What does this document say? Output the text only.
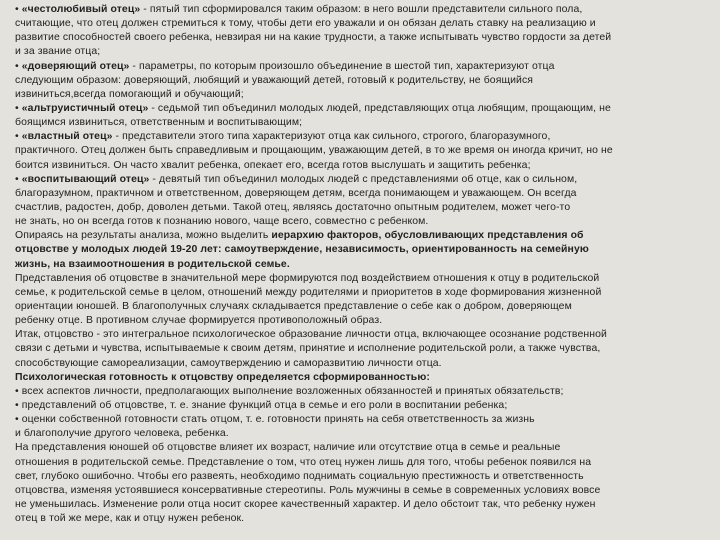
• «честолюбивый отец» - пятый тип сформировался таким образом: в него вошли представители сильного пола,
считающие, что отец должен стремиться к тому, чтобы дети его уважали и он обязан делать ставку на реализацию и
развитие способностей своего ребенка, невзирая ни на какие трудности, а также испытывать чувство гордости за детей
и за звание отца;
• «доверяющий отец» - параметры, по которым произошло объединение в шестой тип, характеризуют отца
следующим образом: доверяющий, любящий и уважающий детей, готовый к родительству, не боящийся
извиниться,всегда помогающий и обучающий;
• «альтруистичный отец» - седьмой тип объединил молодых людей, представляющих отца любящим, прощающим, не
боящимся извиниться, ответственным и воспитывающим;
• «властный отец» - представители этого типа характеризуют отца как сильного, строгого, благоразумного,
практичного. Отец должен быть справедливым и прощающим, уважающим детей, в то же время он иногда кричит, но не
боится извиниться. Он часто хвалит ребенка, опекает его, всегда готов выслушать и защитить ребенка;
• «воспитывающий отец» - девятый тип объединил молодых людей с представлениями об отце, как о сильном,
благоразумном, практичном и ответственном, доверяющем детям, всегда понимающем и уважающем. Он всегда
счастлив, радостен, добр, доволен детьми. Такой отец, являясь достаточно опытным родителем, может чего-то
не знать, но он всегда готов к познанию нового, чаще всего, совместно с ребенком.
Опираясь на результаты анализа, можно выделить иерархию факторов, обусловливающих представления об
отцовстве у молодых людей 19-20 лет: самоутверждение, независимость, ориентированность на семейную
жизнь, на взаимоотношения в родительской семье.
Представления об отцовстве в значительной мере формируются под воздействием отношения к отцу в родительской
семье, к родительской семье в целом, отношений между родителями и приоритетов в ходе формирования жизненной
ориентации юношей. В благополучных случаях складывается представление о себе как о добром, доверяющем
ребенку отце. В противном случае формируется противоположный образ.
Итак, отцовство - это интегральное психологическое образование личности отца, включающее осознание родственной
связи с детьми и чувства, испытываемые к своим детям, принятие и исполнение родительской роли, а также чувства,
способствующие самореализации, самоутверждению и саморазвитию личности отца.
Психологическая готовность к отцовству определяется сформированностью:
• всех аспектов личности, предполагающих выполнение возложенных обязанностей и принятых обязательств;
• представлений об отцовстве, т. е. знание функций отца в семье и его роли в воспитании ребенка;
• оценки собственной готовности стать отцом, т. е. готовности принять на себя ответственность за жизнь
и благополучие другого человека, ребенка.
На представления юношей об отцовстве влияет их возраст, наличие или отсутствие отца в семье и реальные
отношения в родительской семье. Представление о том, что отец нужен лишь для того, чтобы ребенок появился на
свет, глубоко ошибочно. Чтобы его развеять, необходимо поднимать социальную престижность и ответственность
отцовства, изменяя устоявшиеся консервативные стереотипы. Роль мужчины в семье в современных условиях вовсе
не уменьшилась. Изменение роли отца носит скорее качественный характер. И дело обстоит так, что ребенку нужен
отец в той же мере, как и отцу нужен ребенок.
